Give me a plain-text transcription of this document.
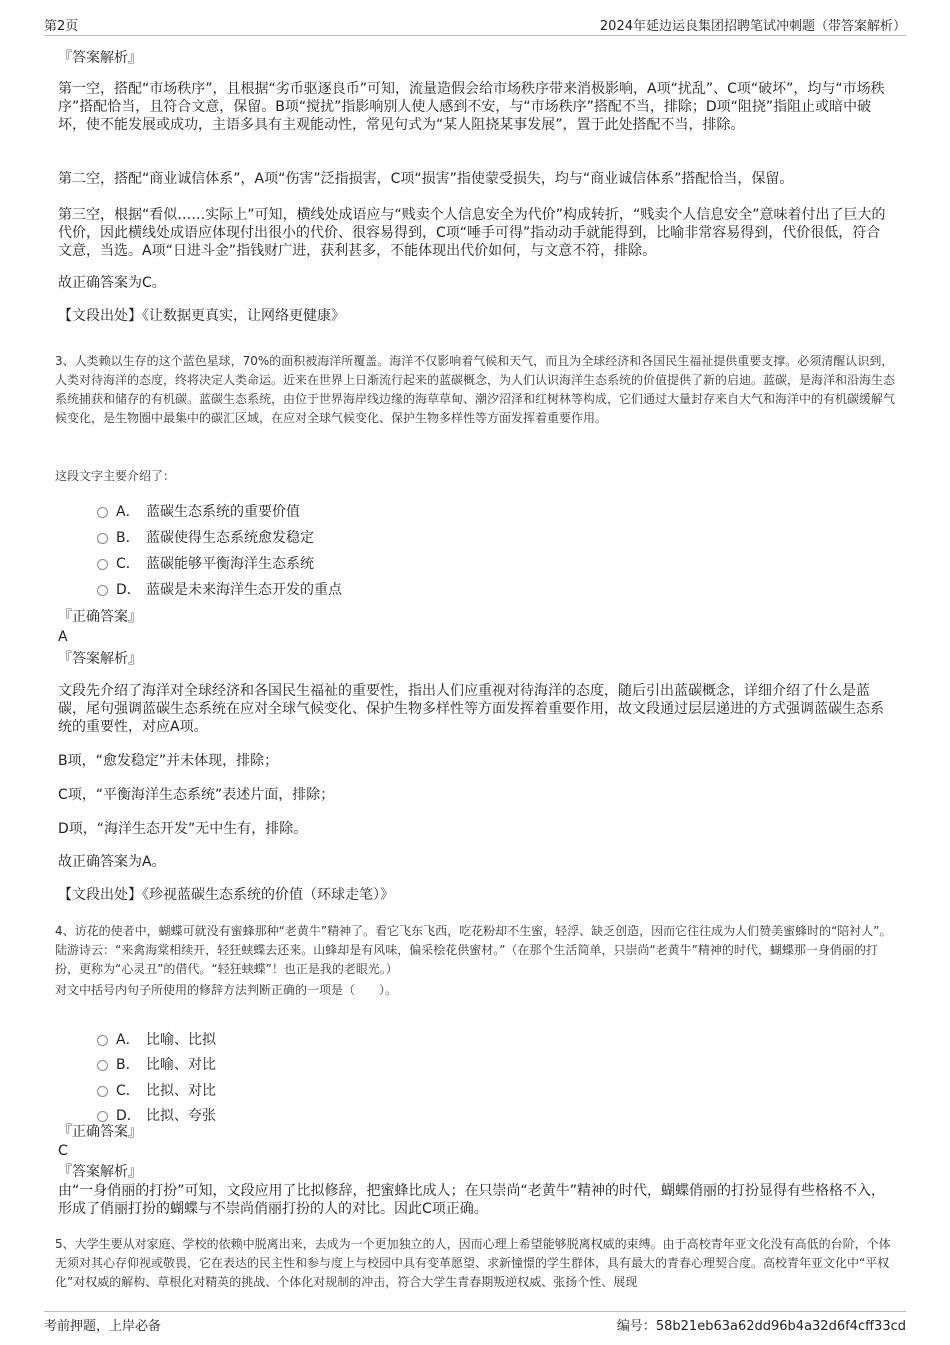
第2页	2024年延边运良集团招聘笔试冲刺题（带答案解析）

『答案解析』

第一空，搭配“市场秩序”，且根据“劣币驱逐良币”可知，流量造假会给市场秩序带来消极影响，A项“扰乱”、C项“破坏”，均与“市场秩序”搭配恰当，且符合文意，保留。B项“搅扰”指影响别人使人感到不安，与“市场秩序”搭配不当，排除；D项“阻挠”指阻止或暗中破坏，使不能发展或成功，主语多具有主观能动性，常见句式为“某人阻挠某事发展”，置于此处搭配不当，排除。

第二空，搭配“商业诚信体系”，A项“伤害”泛指损害，C项“损害”指使蒙受损失，均与“商业诚信体系”搭配恰当，保留。

第三空，根据“看似……实际上”可知，横线处成语应与“贱卖个人信息安全为代价”构成转折，“贱卖个人信息安全”意味着付出了巨大的代价，因此横线处成语应体现付出很小的代价、很容易得到，C项“唾手可得”指动动手就能得到，比喻非常容易得到，代价很低，符合文意，当选。A项“日进斗金”指钱财广进，获利甚多，不能体现出代价如何，与文意不符，排除。

故正确答案为C。

【文段出处】《让数据更真实，让网络更健康》

3、人类赖以生存的这个蓝色星球，70%的面积被海洋所覆盖。海洋不仅影响着气候和天气，而且为全球经济和各国民生福祉提供重要支撑。必须清醒认识到，人类对待海洋的态度，终将决定人类命运。近来在世界上日渐流行起来的蓝碳概念，为人们认识海洋生态系统的价值提供了新的启迪。蓝碳，是海洋和沿海生态系统捕获和储存的有机碳。蓝碳生态系统，由位于世界海岸线边缘的海草草甸、潮汐沼泽和红树林等构成，它们通过大量封存来自大气和海洋中的有机碳缓解气候变化，是生物圈中最集中的碳汇区域，在应对全球气候变化、保护生物多样性等方面发挥着重要作用。

这段文字主要介绍了：

A． 蓝碳生态系统的重要价值
B． 蓝碳使得生态系统愈发稳定
C． 蓝碳能够平衡海洋生态系统
D． 蓝碳是未来海洋生态开发的重点

『正确答案』

A

『答案解析』

文段先介绍了海洋对全球经济和各国民生福祉的重要性，指出人们应重视对待海洋的态度，随后引出蓝碳概念，详细介绍了什么是蓝碳，尾句强调蓝碳生态系统在应对全球气候变化、保护生物多样性等方面发挥着重要作用，故文段通过层层递进的方式强调蓝碳生态系统的重要性，对应A项。

B项，“愈发稳定”并未体现，排除；

C项，“平衡海洋生态系统”表述片面，排除；

D项，“海洋生态开发”无中生有，排除。

故正确答案为A。

【文段出处】《珍视蓝碳生态系统的价值（环球走笔）》

4、访花的使者中，蝴蝶可就没有蜜蜂那种“老黄牛”精神了。看它飞东飞西，吃花粉却不生蜜，轻浮、缺乏创造，因而它往往成为人们赞美蜜蜂时的“陪衬人”。陆游诗云：“来禽海棠相续开，轻狂蛱蝶去还来。山蜂却是有风味，偏采桧花供蜜材。”（在那个生活简单，只崇尚“老黄牛”精神的时代，蝴蝶那一身俏丽的打扮，更称为“心灵丑”的借代。“轻狂蛱蝶”！也正是我的老眼光。）

对文中括号内句子所使用的修辞方法判断正确的一项是（　　）。

A． 比喻、比拟
B． 比喻、对比
C． 比拟、对比
D． 比拟、夸张

『正确答案』

C

『答案解析』

由“一身俏丽的打扮”可知，文段应用了比拟修辞，把蜜蜂比成人；在只崇尚“老黄牛”精神的时代，蝴蝶俏丽的打扮显得有些格格不入，形成了俏丽打扮的蝴蝶与不崇尚俏丽打扮的人的对比。因此C项正确。

5、大学生要从对家庭、学校的依赖中脱离出来，去成为一个更加独立的人，因而心理上希望能够脱离权威的束缚。由于高校青年亚文化没有高低的台阶，个体无须对其心存仰视或敬畏，它在表达的民主性和参与度上与校园中具有变革愿望、求新憧憬的学生群体，具有最大的青春心理契合度。高校青年亚文化中“平权化”对权威的解构、草根化对精英的挑战、个体化对规制的冲击，符合大学生青春期叛逆权威、张扬个性、展现

考前押题，上岸必备	编号：58b21eb63a62dd96b4a32d6f4cff33cd
